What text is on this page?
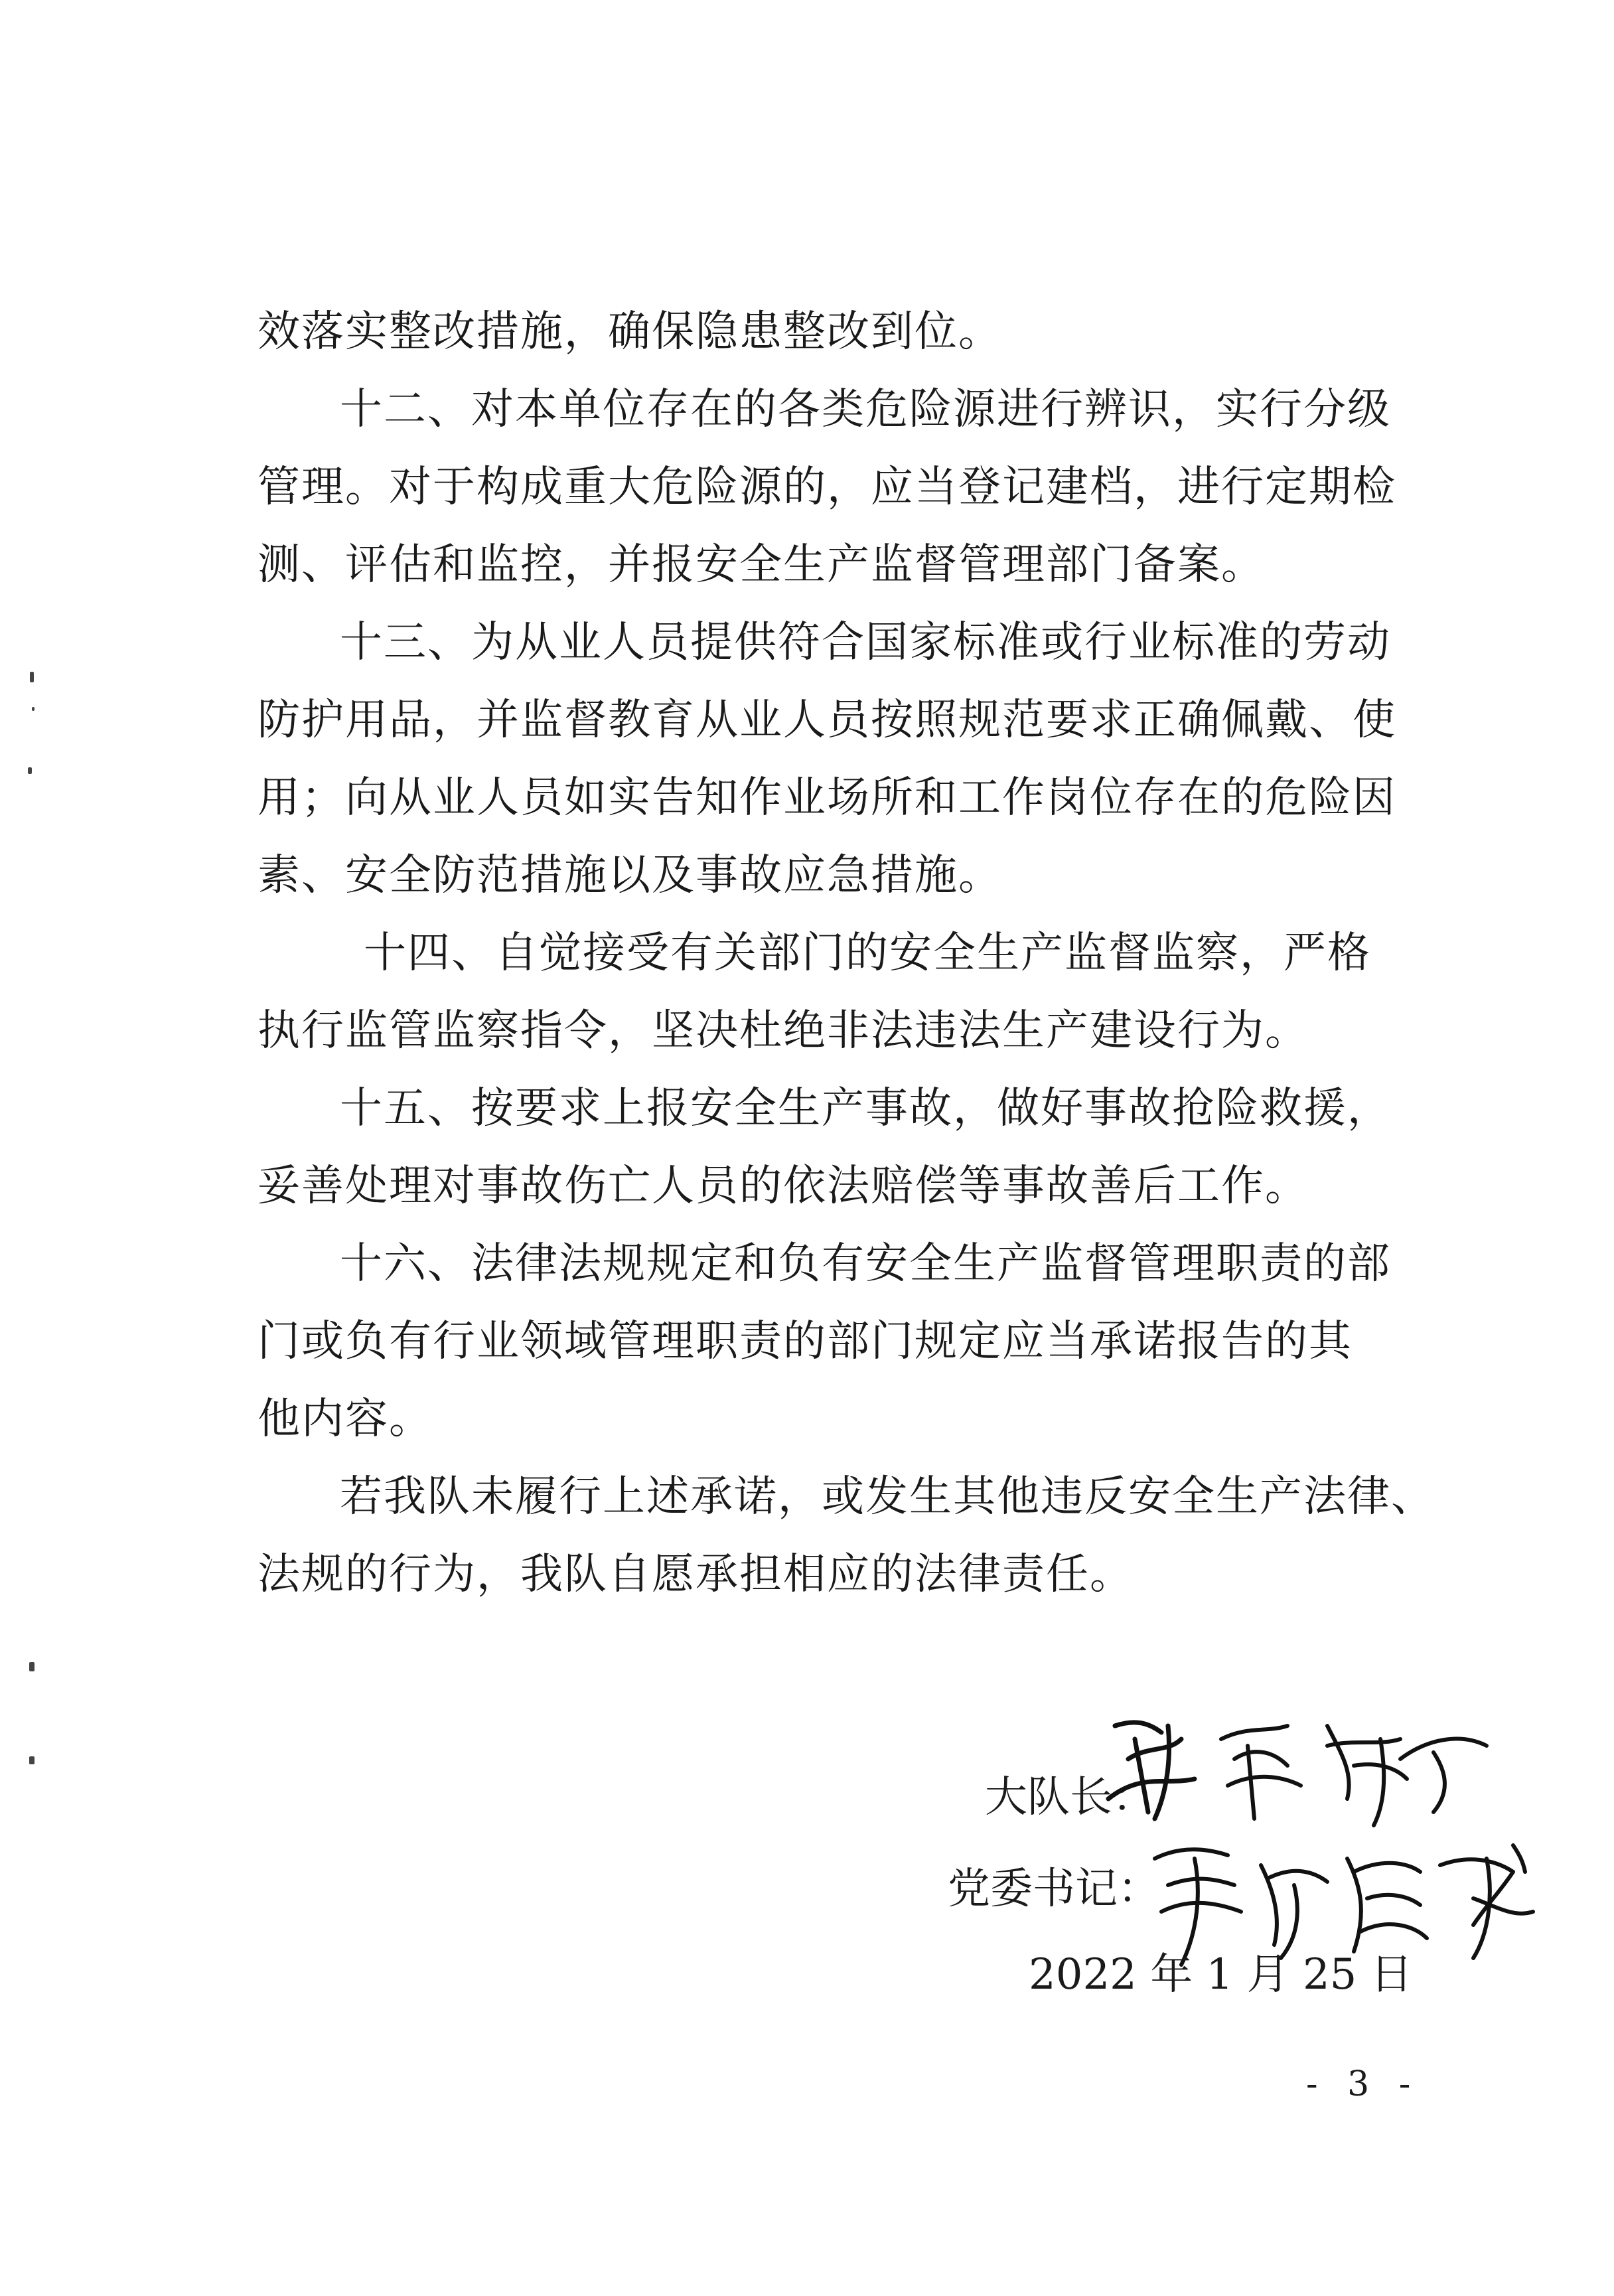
效落实整改措施，确保隐患整改到位。
十二、对本单位存在的各类危险源进行辨识，实行分级
管理。对于构成重大危险源的，应当登记建档，进行定期检
测、评估和监控，并报安全生产监督管理部门备案。
十三、为从业人员提供符合国家标准或行业标准的劳动
防护用品，并监督教育从业人员按照规范要求正确佩戴、使
用；向从业人员如实告知作业场所和工作岗位存在的危险因
素、安全防范措施以及事故应急措施。
十四、自觉接受有关部门的安全生产监督监察，严格
执行监管监察指令，坚决杜绝非法违法生产建设行为。
十五、按要求上报安全生产事故，做好事故抢险救援，
妥善处理对事故伤亡人员的依法赔偿等事故善后工作。
十六、法律法规规定和负有安全生产监督管理职责的部
门或负有行业领域管理职责的部门规定应当承诺报告的其
他内容。
若我队未履行上述承诺，或发生其他违反安全生产法律、
法规的行为，我队自愿承担相应的法律责任。
大队长：
党委书记：
2022 年 1 月 25 日
- 3 -
